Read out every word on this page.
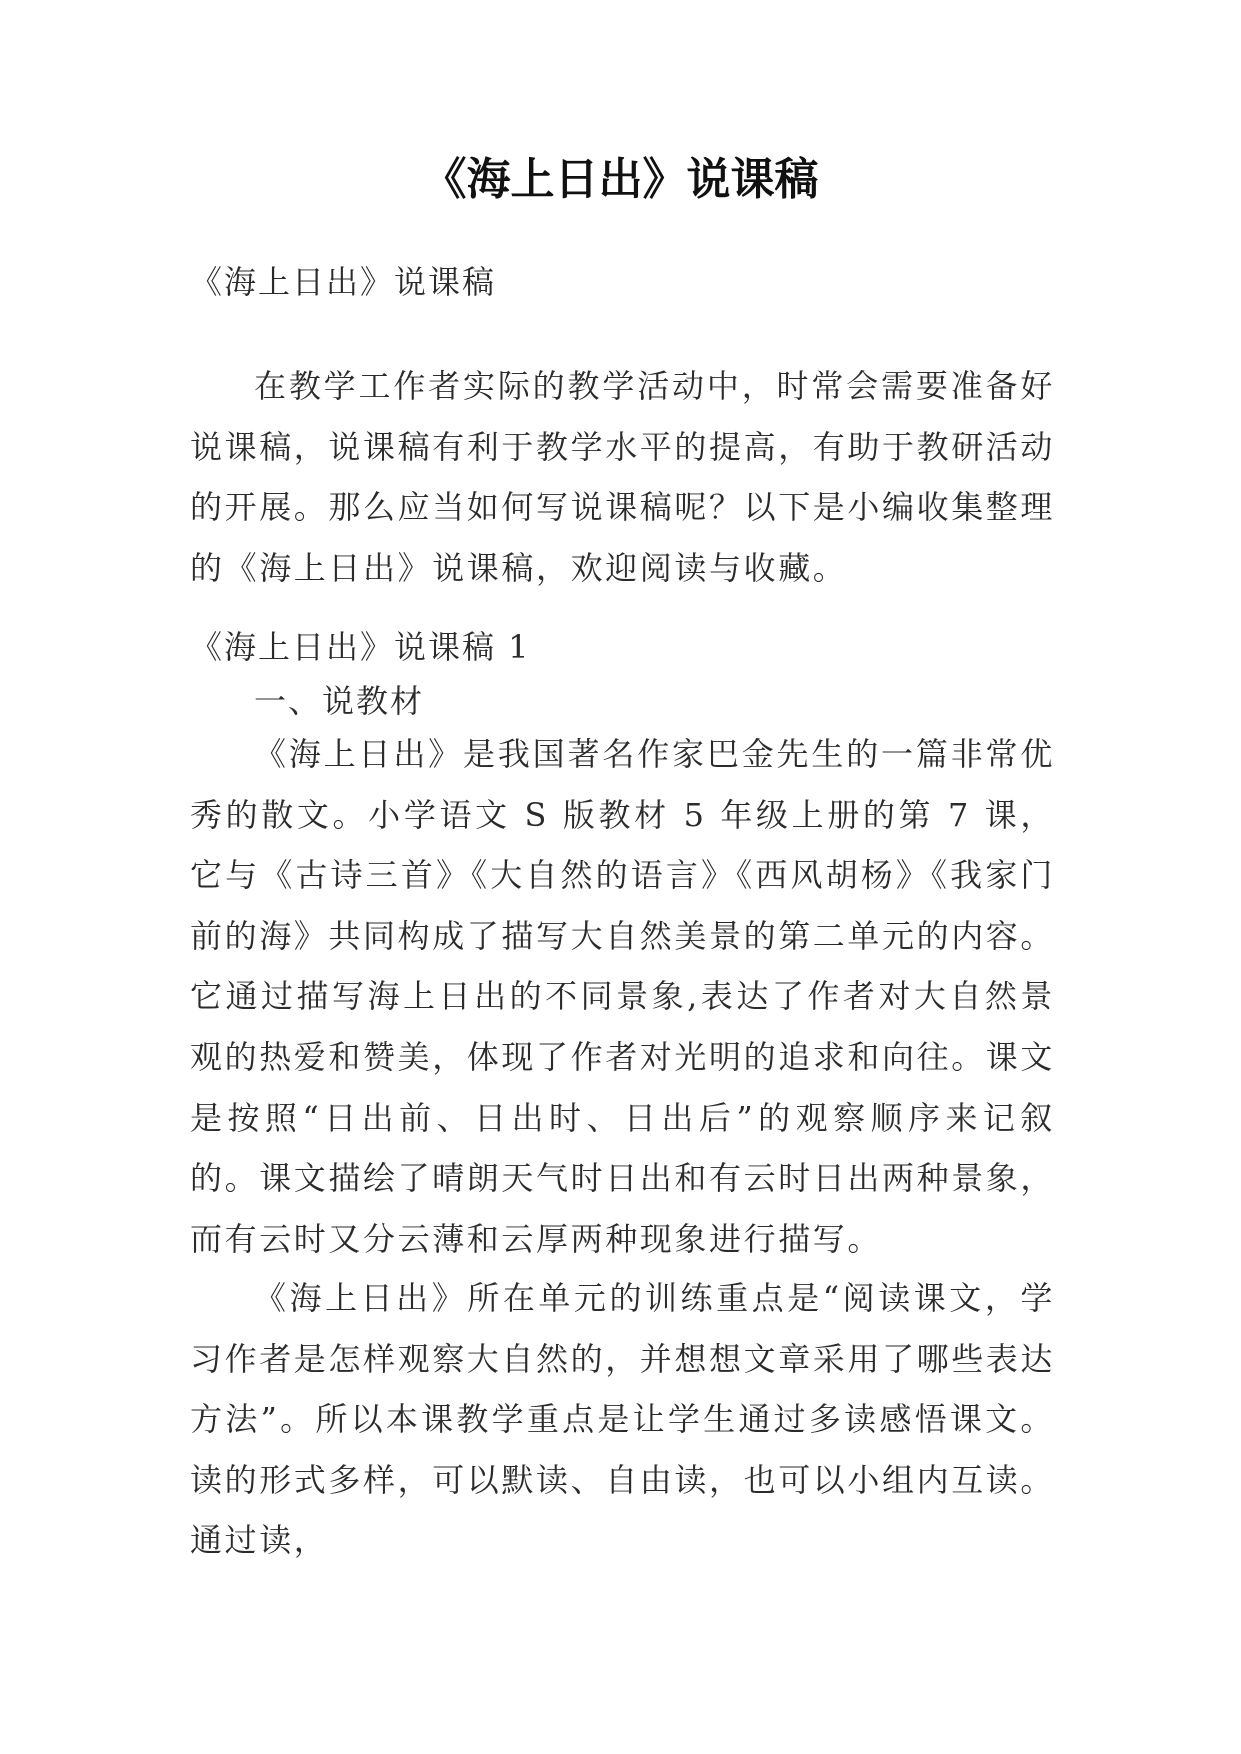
《海上日出》说课稿

《海上日出》说课稿

在教学工作者实际的教学活动中，时常会需要准备好说课稿，说课稿有利于教学水平的提高，有助于教研活动的开展。那么应当如何写说课稿呢？以下是小编收集整理的《海上日出》说课稿，欢迎阅读与收藏。

《海上日出》说课稿 1

一、说教材

《海上日出》是我国著名作家巴金先生的一篇非常优秀的散文。小学语文 S 版教材 5 年级上册的第 7 课，它与《古诗三首》《大自然的语言》《西风胡杨》《我家门前的海》共同构成了描写大自然美景的第二单元的内容。它通过描写海上日出的不同景象,表达了作者对大自然景观的热爱和赞美，体现了作者对光明的追求和向往。课文是按照“日出前、日出时、日出后”的观察顺序来记叙的。课文描绘了晴朗天气时日出和有云时日出两种景象，而有云时又分云薄和云厚两种现象进行描写。

《海上日出》所在单元的训练重点是“阅读课文，学习作者是怎样观察大自然的，并想想文章采用了哪些表达方法”。所以本课教学重点是让学生通过多读感悟课文。读的形式多样，可以默读、自由读，也可以小组内互读。通过读，
